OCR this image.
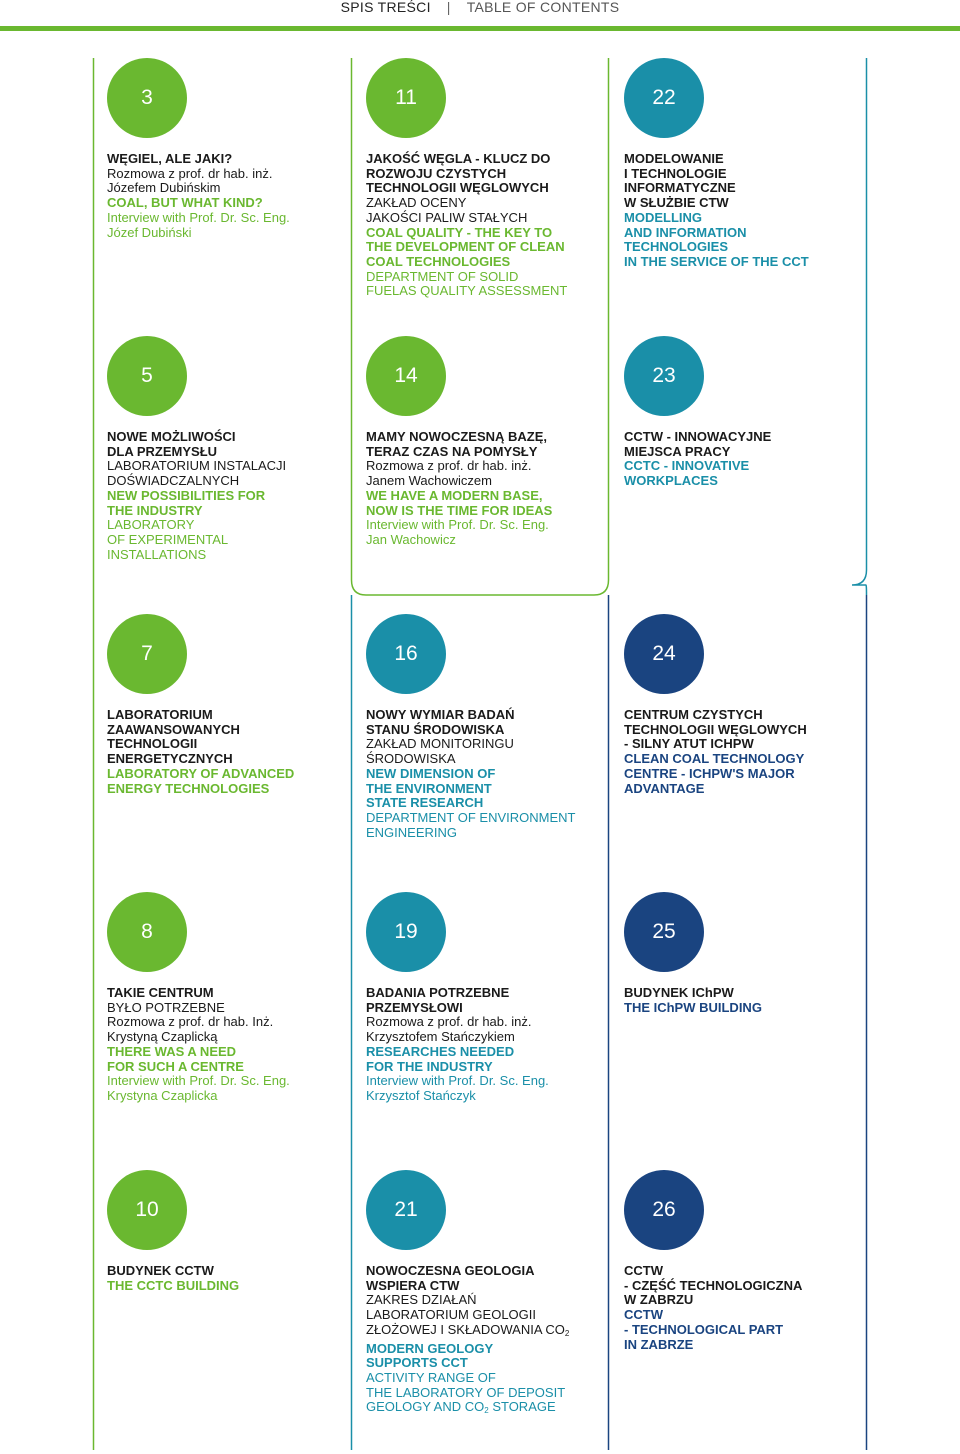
SPIS TREŚCI | TABLE OF CONTENTS
3
WĘGIEL, ALE JAKI?
Rozmowa z prof. dr hab. inż.
Józefem Dubińskim
COAL, BUT WHAT KIND?
Interview with Prof. Dr. Sc. Eng.
Józef Dubiński
11
JAKOŚĆ WĘGLA - KLUCZ DO
ROZWOJU CZYSTYCH
TECHNOLOGII WĘGLOWYCH
ZAKŁAD OCENY
JAKOŚCI PALIW STAŁYCH
COAL QUALITY - THE KEY TO
THE DEVELOPMENT OF CLEAN
COAL TECHNOLOGIES
DEPARTMENT OF SOLID
FUELAS QUALITY ASSESSMENT
22
MODELOWANIE
I TECHNOLOGIE
INFORMATYCZNE
W SŁUŻBIE CTW
MODELLING
AND INFORMATION
TECHNOLOGIES
IN THE SERVICE OF THE CCT
5
NOWE MOŻLIWOŚCI
DLA PRZEMYSŁU
LABORATORIUM INSTALACJI
DOŚWIADCZALNYCH
NEW POSSIBILITIES FOR
THE INDUSTRY
LABORATORY
OF EXPERIMENTAL
INSTALLATIONS
14
MAMY NOWOCZESNĄ BAZĘ,
TERAZ CZAS NA POMYSŁY
Rozmowa z prof. dr hab. inż.
Janem Wachowiczem
WE HAVE A MODERN BASE,
NOW IS THE TIME FOR IDEAS
Interview with Prof. Dr. Sc. Eng.
Jan Wachowicz
23
CCTW - INNOWACYJNE
MIEJSCA PRACY
CCTC - INNOVATIVE
WORKPLACES
7
LABORATORIUM
ZAAWANSOWANYCH
TECHNOLOGII
ENERGETYCZNYCH
LABORATORY OF ADVANCED
ENERGY TECHNOLOGIES
16
NOWY WYMIAR BADAŃ
STANU ŚRODOWISKA
ZAKŁAD MONITORINGU
ŚRODOWISKA
NEW DIMENSION OF
THE ENVIRONMENT
STATE RESEARCH
DEPARTMENT OF ENVIRONMENT
ENGINEERING
24
CENTRUM CZYSTYCH
TECHNOLOGII WĘGLOWYCH
- SILNY ATUT ICHPW
CLEAN COAL TECHNOLOGY
CENTRE - ICHPW'S MAJOR
ADVANTAGE
8
TAKIE CENTRUM
BYŁO POTRZEBNE
Rozmowa z prof. dr hab. Inż.
Krystyną Czaplicką
THERE WAS A NEED
FOR SUCH A CENTRE
Interview with Prof. Dr. Sc. Eng.
Krystyna Czaplicka
19
BADANIA POTRZEBNE
PRZEMYSŁOWI
Rozmowa z prof. dr hab. inż.
Krzysztofem Stańczykiem
RESEARCHES NEEDED
FOR THE INDUSTRY
Interview with Prof. Dr. Sc. Eng.
Krzysztof Stańczyk
25
BUDYNEK IChPW
THE IChPW BUILDING
10
BUDYNEK CCTW
THE CCTC BUILDING
21
NOWOCZESNA GEOLOGIA
WSPIERA CTW
ZAKRES DZIAŁAŃ
LABORATORIUM GEOLOGII
ZŁOŻOWEJ I SKŁADOWANIA $CO_2$
MODERN GEOLOGY
SUPPORTS CCT
ACTIVITY RANGE OF
THE LABORATORY OF DEPOSIT
GEOLOGY AND $CO_2$ STORAGE
26
CCTW
- CZĘŚĆ TECHNOLOGICZNA
W ZABRZU
CCTW
- TECHNOLOGICAL PART
IN ZABRZE
